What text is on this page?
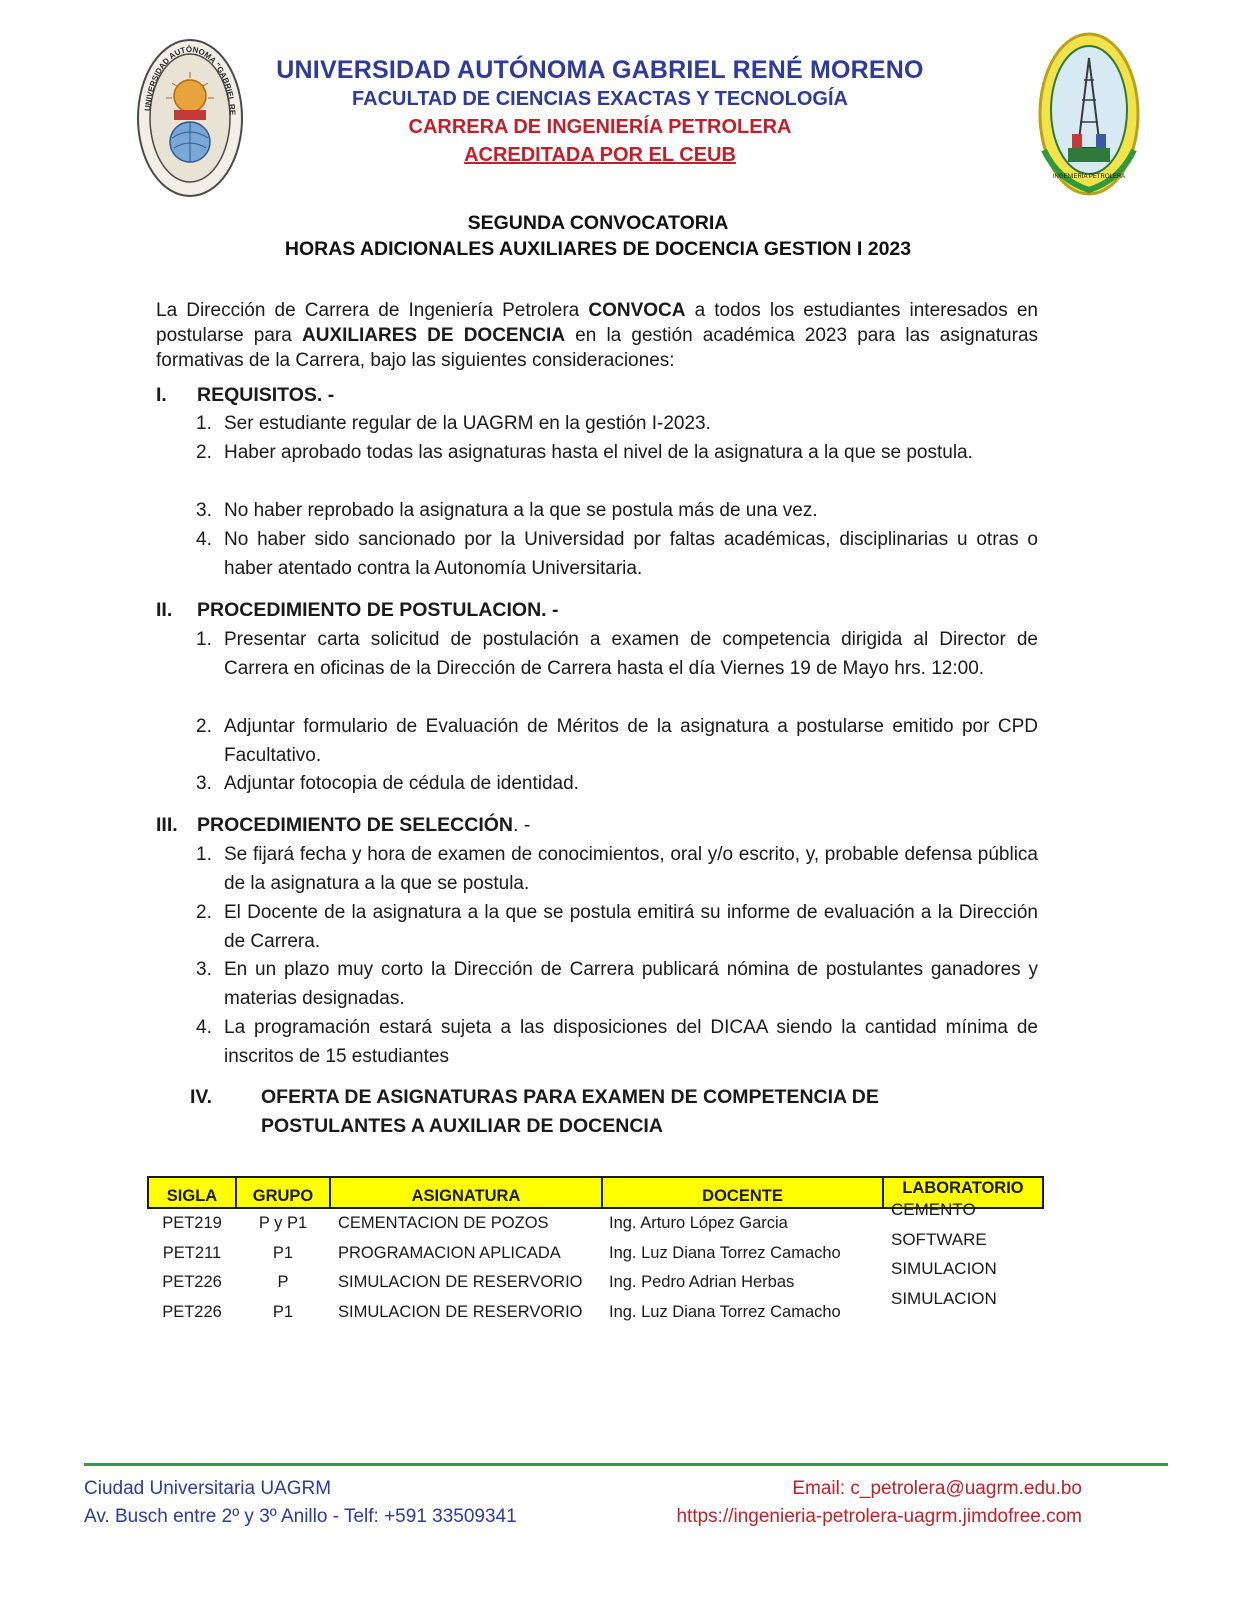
UNIVERSIDAD AUTÓNOMA "GABRIEL RE
INGENIERÍA PETROLERA
UNIVERSIDAD AUTÓNOMA GABRIEL RENÉ MORENO
FACULTAD DE CIENCIAS EXACTAS Y TECNOLOGÍA
CARRERA DE INGENIERÍA PETROLERA
ACREDITADA POR EL CEUB
SEGUNDA CONVOCATORIA
HORAS ADICIONALES AUXILIARES DE DOCENCIA GESTION I 2023
La Dirección de Carrera de Ingeniería Petrolera CONVOCA a todos los estudiantes interesados en postularse para AUXILIARES DE DOCENCIA en la gestión académica 2023 para las asignaturas formativas de la Carrera, bajo las siguientes consideraciones:
I. REQUISITOS. -
1. Ser estudiante regular de la UAGRM en la gestión I-2023.
2. Haber aprobado todas las asignaturas hasta el nivel de la asignatura a la que se postula.
3. No haber reprobado la asignatura a la que se postula más de una vez.
4. No haber sido sancionado por la Universidad por faltas académicas, disciplinarias u otras o haber atentado contra la Autonomía Universitaria.
II. PROCEDIMIENTO DE POSTULACION. -
1. Presentar carta solicitud de postulación a examen de competencia dirigida al Director de Carrera en oficinas de la Dirección de Carrera hasta el día Viernes 19 de Mayo hrs. 12:00.
2. Adjuntar formulario de Evaluación de Méritos de la asignatura a postularse emitido por CPD Facultativo.
3. Adjuntar fotocopia de cédula de identidad.
III. PROCEDIMIENTO DE SELECCIÓN. -
1. Se fijará fecha y hora de examen de conocimientos, oral y/o escrito, y, probable defensa pública de la asignatura a la que se postula.
2. El Docente de la asignatura a la que se postula emitirá su informe de evaluación a la Dirección de Carrera.
3. En un plazo muy corto la Dirección de Carrera publicará nómina de postulantes ganadores y materias designadas.
4. La programación estará sujeta a las disposiciones del DICAA siendo la cantidad mínima de inscritos de 15 estudiantes
IV.	OFERTA DE ASIGNATURAS PARA EXAMEN DE COMPETENCIA DE POSTULANTES A AUXILIAR DE DOCENCIA
SIGLA	GRUPO	ASIGNATURA	DOCENTE	LABORATORIO
PET219	P y P1	CEMENTACION DE POZOS	Ing. Arturo López Garcia	CEMENTO
PET211	P1	PROGRAMACION APLICADA	Ing. Luz Diana Torrez Camacho	SOFTWARE
PET226	P	SIMULACION DE RESERVORIO	Ing. Pedro Adrian Herbas	SIMULACION
PET226	P1	SIMULACION DE RESERVORIO	Ing. Luz Diana Torrez Camacho	SIMULACION
Ciudad Universitaria UAGRM
Av. Busch entre 2º y 3º Anillo - Telf: +591 33509341
Email: c_petrolera@uagrm.edu.bo
https://ingenieria-petrolera-uagrm.jimdofree.com
